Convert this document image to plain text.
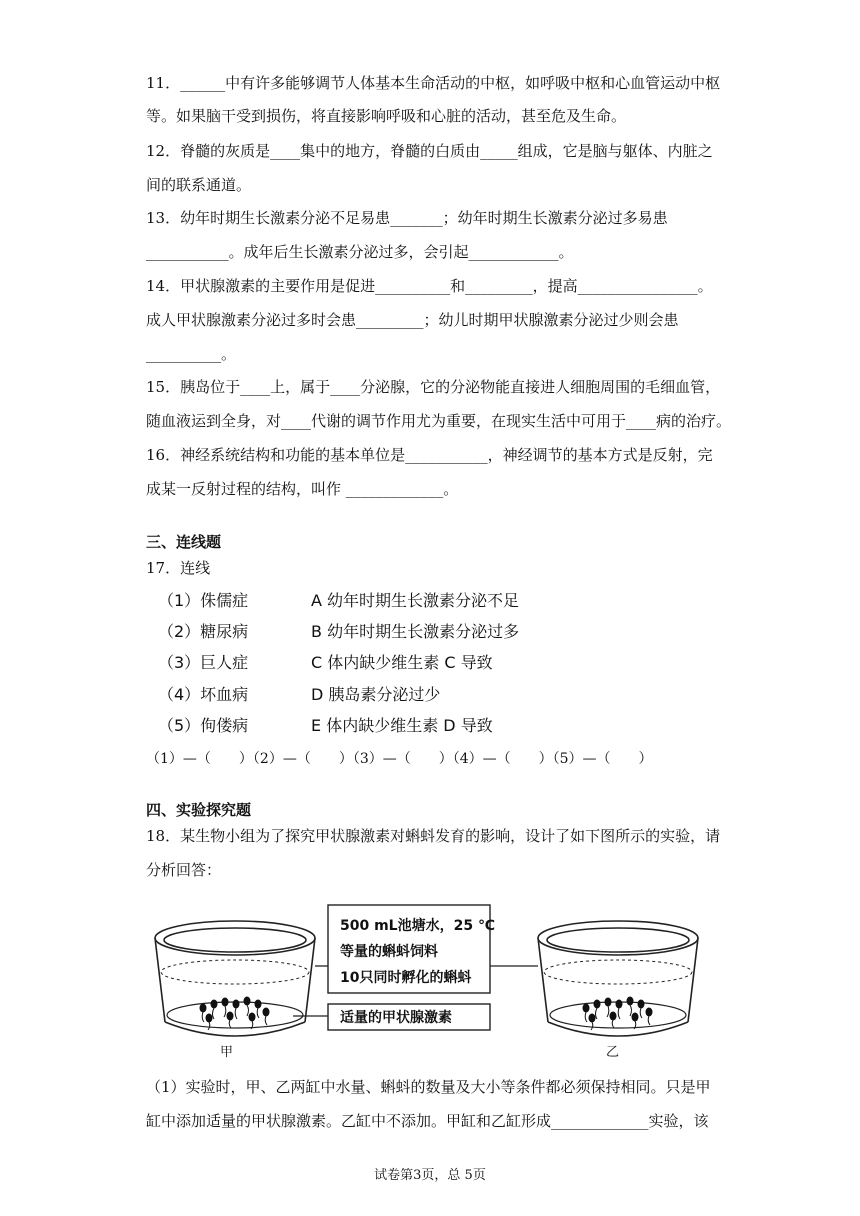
11．______中有许多能够调节人体基本生命活动的中枢，如呼吸中枢和心血管运动中枢
等。如果脑干受到损伤，将直接影响呼吸和心脏的活动，甚至危及生命。
12．脊髓的灰质是____集中的地方，脊髓的白质由_____组成，它是脑与躯体、内脏之
间的联系通道。
13．幼年时期生长激素分泌不足易患_______；幼年时期生长激素分泌过多易患
___________。成年后生长激素分泌过多，会引起____________。
14．甲状腺激素的主要作用是促进__________和_________，提高________________。
成人甲状腺激素分泌过多时会患_________；幼儿时期甲状腺激素分泌过少则会患
__________。
15．胰岛位于____上，属于____分泌腺，它的分泌物能直接进人细胞周围的毛细血管，
随血液运到全身，对____代谢的调节作用尤为重要，在现实生活中可用于____病的治疗。
16．神经系统结构和功能的基本单位是___________，神经调节的基本方式是反射，完
成某一反射过程的结构，叫作 _____________。
三、连线题
17．连线
（1）侏儒症
（2）糖尿病
（3）巨人症
（4）坏血病
（5）佝偻病
A 幼年时期生长激素分泌不足
B 幼年时期生长激素分泌过多
C 体内缺少维生素 C 导致
D 胰岛素分泌过少
E 体内缺少维生素 D 导致
（1）—（　　）（2）—（　　）（3）—（　　）（4）—（　　）（5）—（　　）
四、实验探究题
18．某生物小组为了探究甲状腺激素对蝌蚪发育的影响，设计了如下图所示的实验，请
分析回答：
甲	乙
500 mL池塘水，25 ℃
等量的蝌蚪饲料
10只同时孵化的蝌蚪
适量的甲状腺激素
（1）实验时，甲、乙两缸中水量、蝌蚪的数量及大小等条件都必须保持相同。只是甲
缸中添加适量的甲状腺激素。乙缸中不添加。甲缸和乙缸形成_____________实验，该
试卷第3页，总 5页
